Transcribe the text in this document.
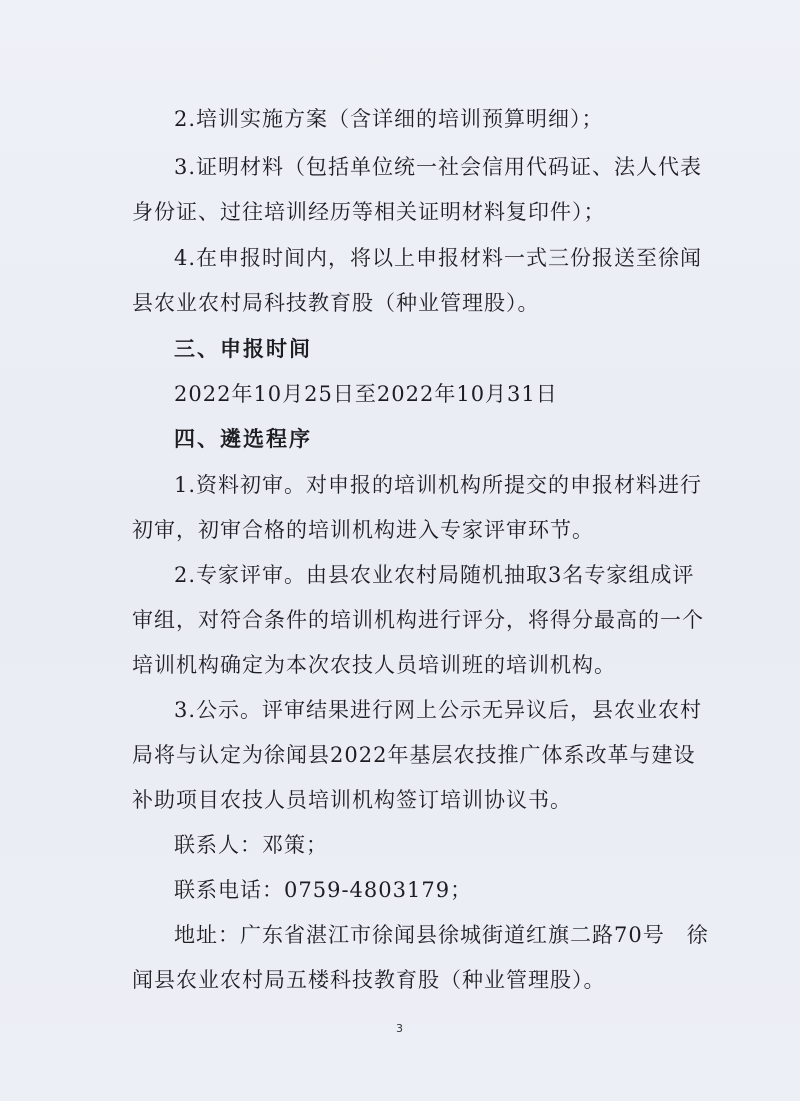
2.培训实施方案（含详细的培训预算明细）；
3.证明材料（包括单位统一社会信用代码证、法人代表
身份证、过往培训经历等相关证明材料复印件）；
4.在申报时间内，将以上申报材料一式三份报送至徐闻
县农业农村局科技教育股（种业管理股）。
三、申报时间
2022年10月25日至2022年10月31日
四、遴选程序
1.资料初审。对申报的培训机构所提交的申报材料进行
初审，初审合格的培训机构进入专家评审环节。
2.专家评审。由县农业农村局随机抽取3名专家组成评
审组，对符合条件的培训机构进行评分，将得分最高的一个
培训机构确定为本次农技人员培训班的培训机构。
3.公示。评审结果进行网上公示无异议后，县农业农村
局将与认定为徐闻县2022年基层农技推广体系改革与建设
补助项目农技人员培训机构签订培训协议书。
联系人：邓策；
联系电话：0759-4803179；
地址：广东省湛江市徐闻县徐城街道红旗二路70号　徐
闻县农业农村局五楼科技教育股（种业管理股）。
3
